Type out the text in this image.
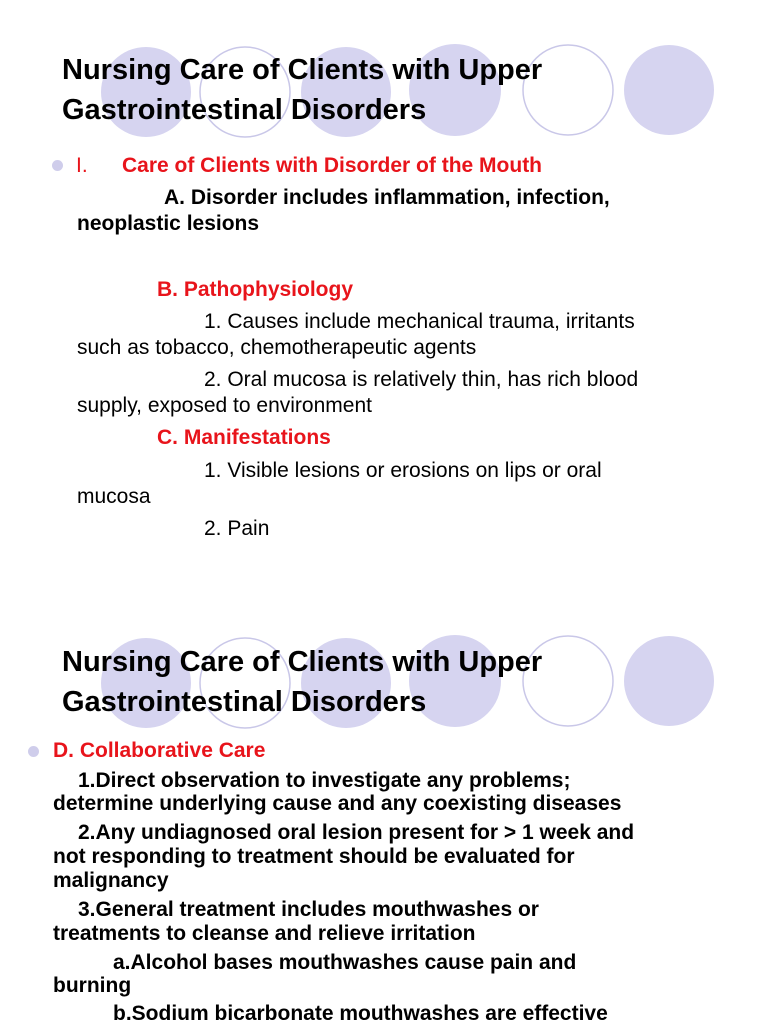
Nursing Care of Clients with Upper
Gastrointestinal Disorders

I. Care of Clients with Disorder of the Mouth

A. Disorder includes inflammation, infection,

neoplastic lesions

B. Pathophysiology

1. Causes include mechanical trauma, irritants

such as tobacco, chemotherapeutic agents

2. Oral mucosa is relatively thin, has rich blood

supply, exposed to environment

C. Manifestations

1. Visible lesions or erosions on lips or oral

mucosa

2. Pain

Nursing Care of Clients with Upper
Gastrointestinal Disorders

D. Collaborative Care

1.Direct observation to investigate any problems;

determine underlying cause and any coexisting diseases

2.Any undiagnosed oral lesion present for > 1 week and

not responding to treatment should be evaluated for

malignancy

3.General treatment includes mouthwashes or

treatments to cleanse and relieve irritation

a.Alcohol bases mouthwashes cause pain and

burning

b.Sodium bicarbonate mouthwashes are effective
